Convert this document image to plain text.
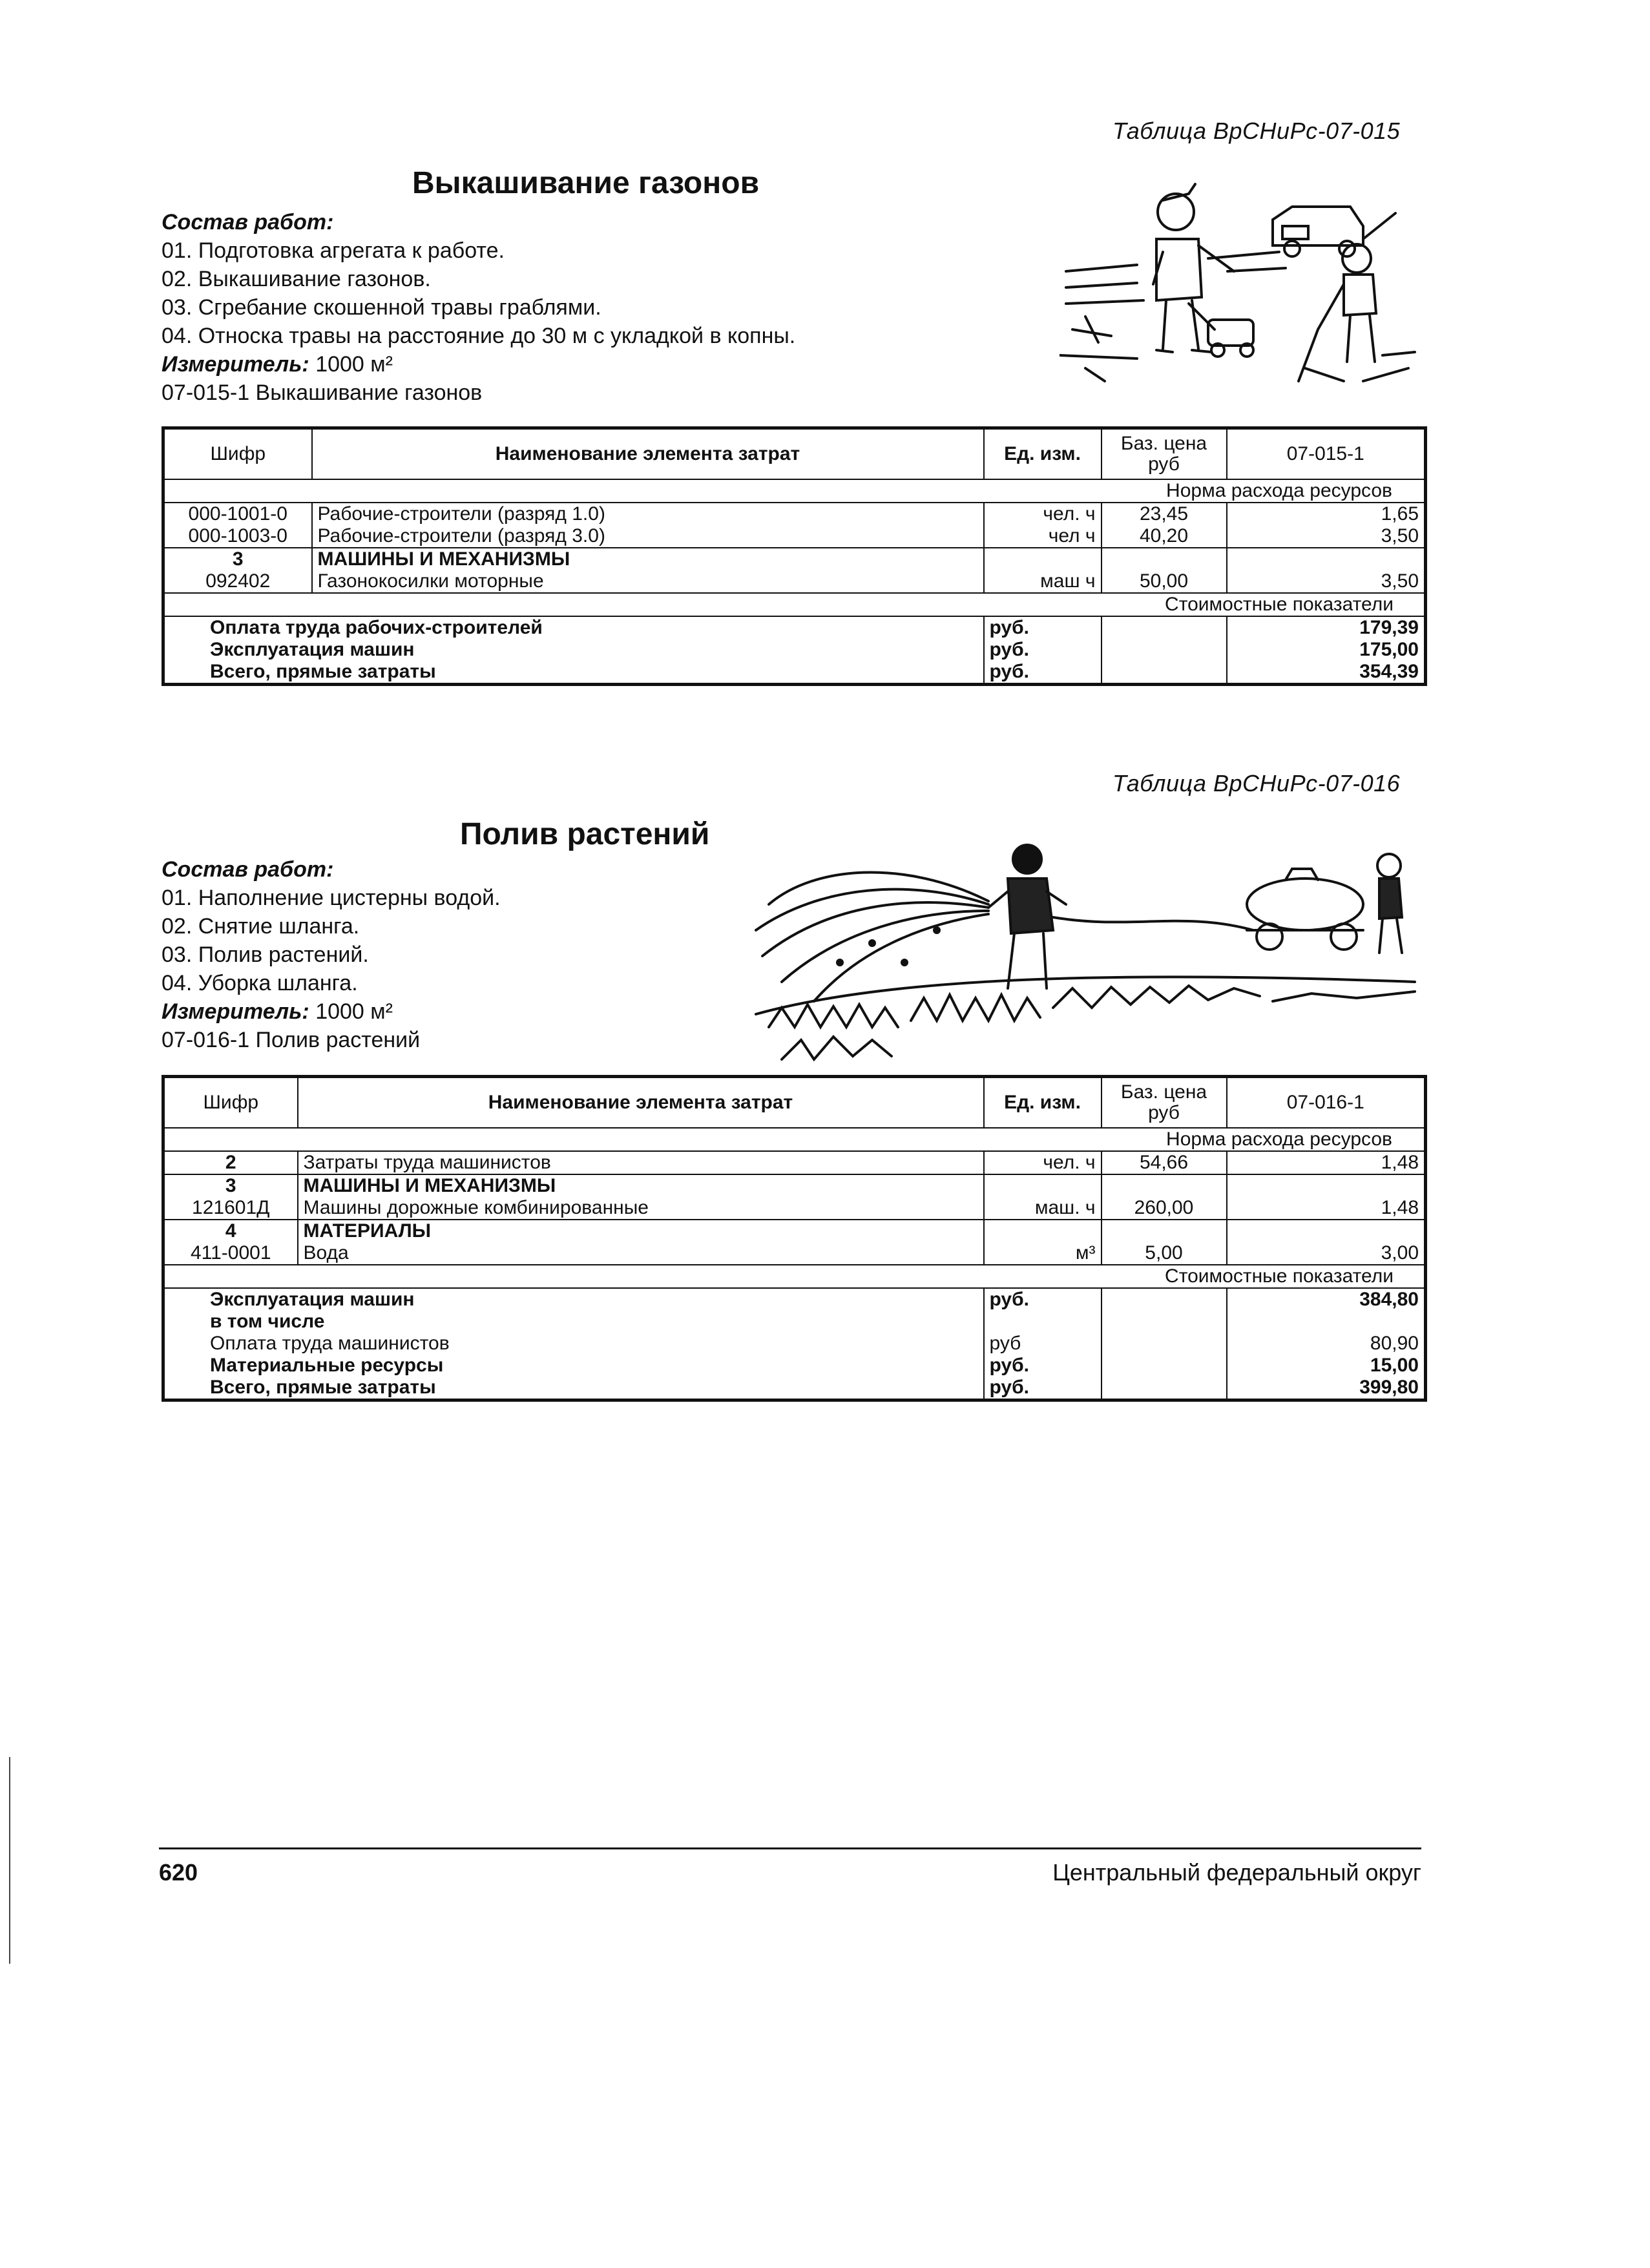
Таблица ВрСНиРс-07-015
Выкашивание газонов
Состав работ:
01. Подготовка агрегата к работе.
02. Выкашивание газонов.
03. Сгребание скошенной травы граблями.
04. Относка травы на расстояние до 30 м с укладкой в копны.
Измеритель: 1000 м²
07-015-1 Выкашивание газонов
Шифр	Наименование элемента затрат	Ед. изм.	Баз. цена руб	07-015-1
Норма расхода ресурсов				
000-1001-0	Рабочие-строители (разряд 1.0)	чел. ч	23,45	1,65
000-1003-0	Рабочие-строители (разряд 3.0)	чел ч	40,20	3,50
3	МАШИНЫ И МЕХАНИЗМЫ			
092402	Газонокосилки моторные	маш ч	50,00	3,50
Стоимостные показатели				
Оплата труда рабочих-строителей		руб.		179,39
Эксплуатация машин		руб.		175,00
Всего, прямые затраты		руб.		354,39
Таблица ВрСНиРс-07-016
Полив растений
Состав работ:
01. Наполнение цистерны водой.
02. Снятие шланга.
03. Полив растений.
04. Уборка шланга.
Измеритель: 1000 м²
07-016-1 Полив растений
Шифр	Наименование элемента затрат	Ед. изм.	Баз. цена руб	07-016-1
Норма расхода ресурсов				
2	Затраты труда машинистов	чел. ч	54,66	1,48
3	МАШИНЫ И МЕХАНИЗМЫ			
121601Д	Машины дорожные комбинированные	маш. ч	260,00	1,48
4	МАТЕРИАЛЫ			
411-0001	Вода	м³	5,00	3,00
Стоимостные показатели				
Эксплуатация машин		руб.		384,80
в том числе				
Оплата труда машинистов		руб		80,90
Материальные ресурсы		руб.		15,00
Всего, прямые затраты		руб.		399,80
620	Центральный федеральный округ
